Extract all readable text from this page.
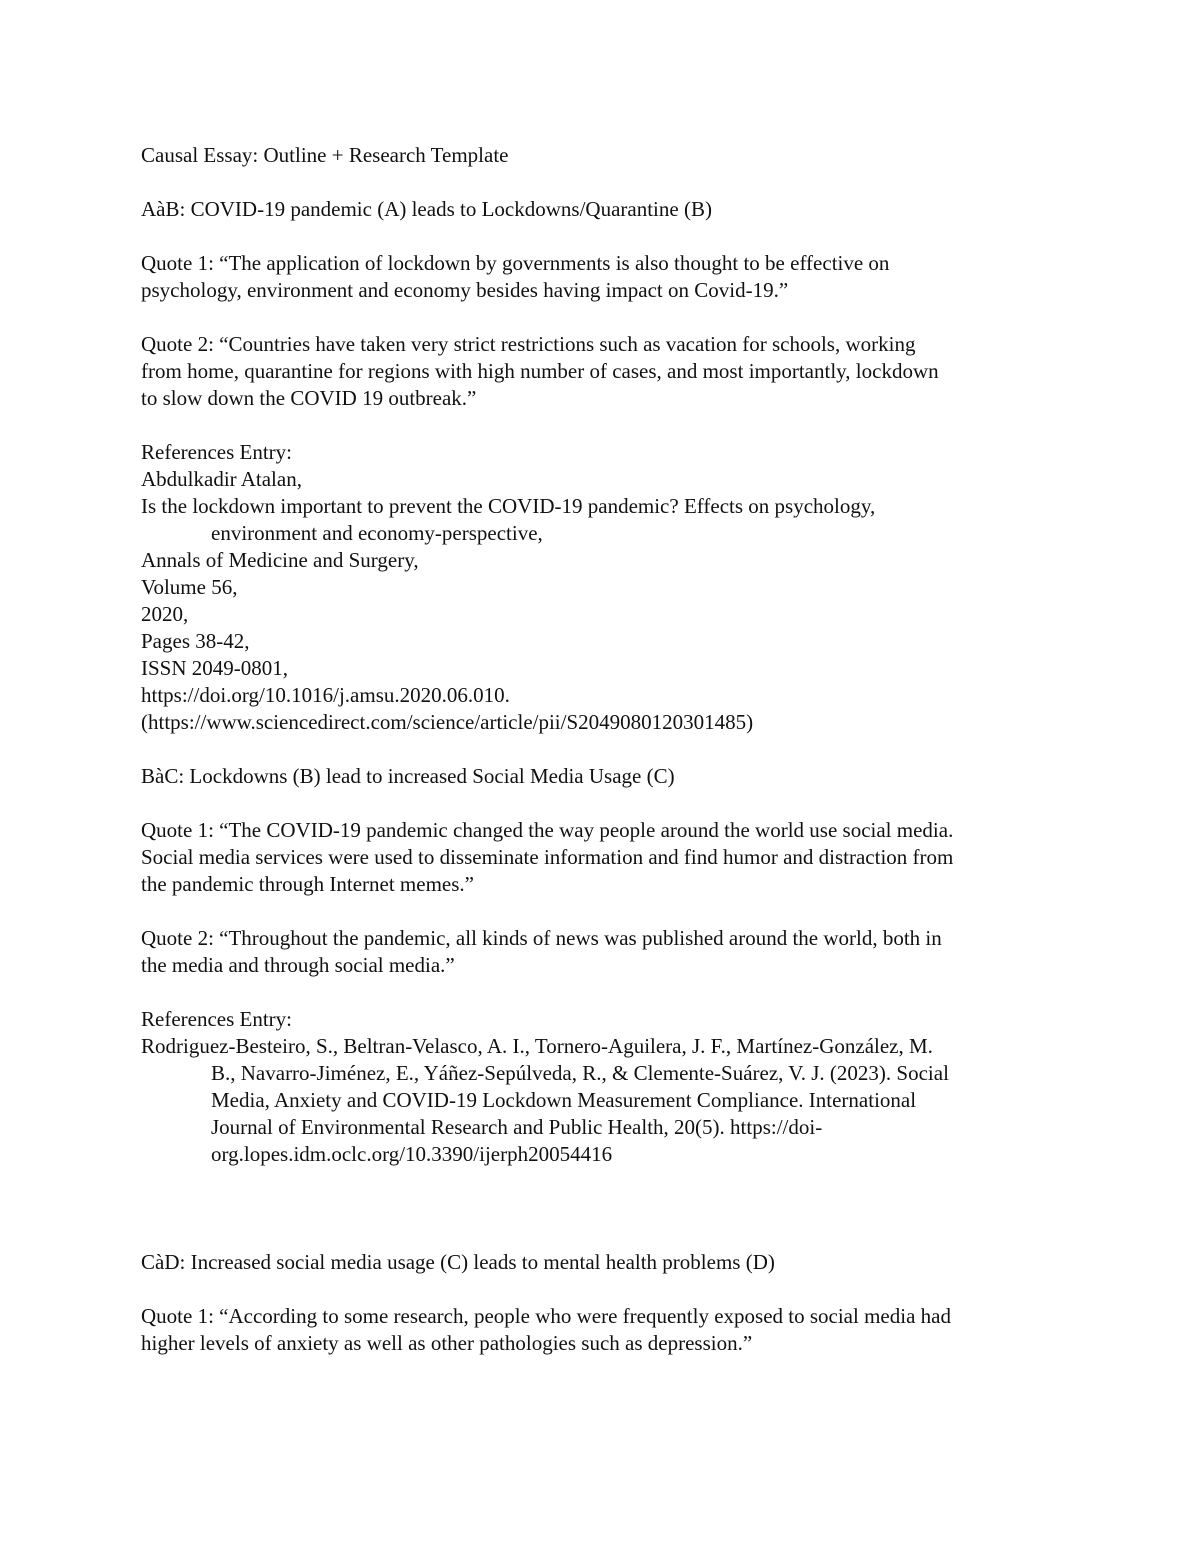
Causal Essay: Outline + Research Template

AàB: COVID-19 pandemic (A) leads to Lockdowns/Quarantine (B)

Quote 1: “The application of lockdown by governments is also thought to be effective on

psychology, environment and economy besides having impact on Covid-19.”

Quote 2: “Countries have taken very strict restrictions such as vacation for schools, working

from home, quarantine for regions with high number of cases, and most importantly, lockdown

to slow down the COVID 19 outbreak.”

References Entry:

Abdulkadir Atalan,

Is the lockdown important to prevent the COVID-19 pandemic? Effects on psychology,

environment and economy-perspective,

Annals of Medicine and Surgery,

Volume 56,

2020,

Pages 38-42,

ISSN 2049-0801,

https://doi.org/10.1016/j.amsu.2020.06.010.

(https://www.sciencedirect.com/science/article/pii/S2049080120301485)

BàC: Lockdowns (B) lead to increased Social Media Usage (C)

Quote 1: “The COVID-19 pandemic changed the way people around the world use social media.

Social media services were used to disseminate information and find humor and distraction from

the pandemic through Internet memes.”

Quote 2: “Throughout the pandemic, all kinds of news was published around the world, both in

the media and through social media.”

References Entry:

Rodriguez-Besteiro, S., Beltran-Velasco, A. I., Tornero-Aguilera, J. F., Martínez-González, M.

B., Navarro-Jiménez, E., Yáñez-Sepúlveda, R., & Clemente-Suárez, V. J. (2023). Social

Media, Anxiety and COVID-19 Lockdown Measurement Compliance. International

Journal of Environmental Research and Public Health, 20(5). https://doi-

org.lopes.idm.oclc.org/10.3390/ijerph20054416

CàD: Increased social media usage (C) leads to mental health problems (D)

Quote 1: “According to some research, people who were frequently exposed to social media had

higher levels of anxiety as well as other pathologies such as depression.”
